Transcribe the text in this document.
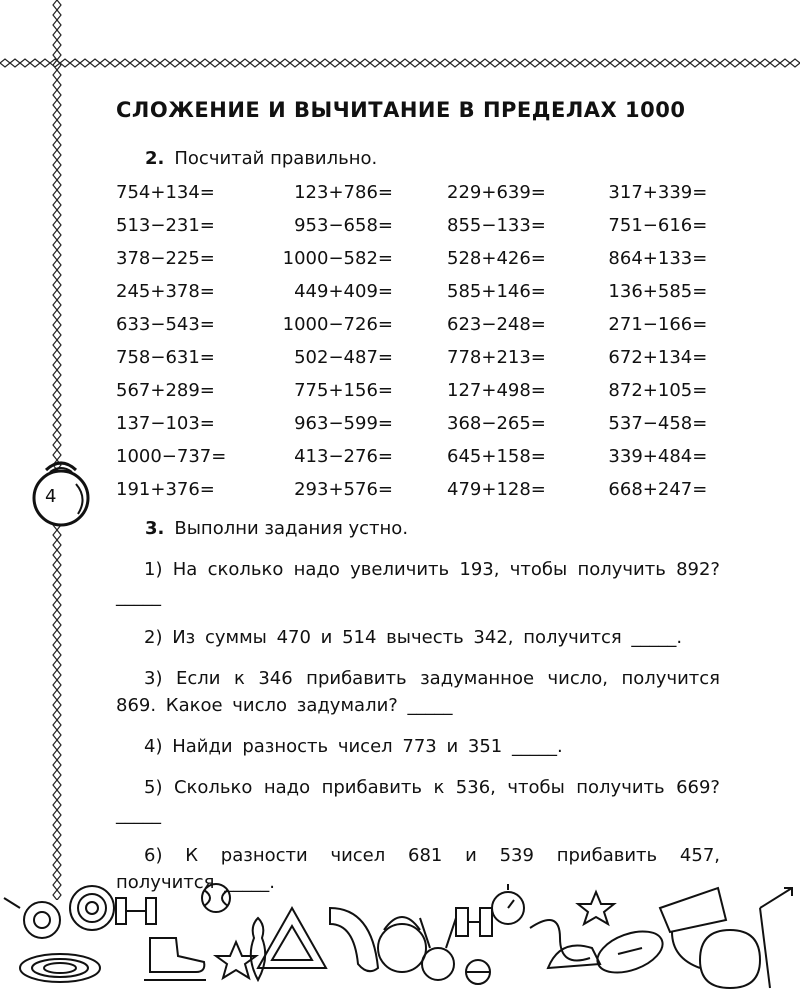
4
СЛОЖЕНИЕ И ВЫЧИТАНИЕ В ПРЕДЕЛАХ 1000
2. Посчитай правильно.
754+134=	123+786=	229+639=	317+339=
513−231=	953−658=	855−133=	751−616=
378−225=	1000−582=	528+426=	864+133=
245+378=	449+409=	585+146=	136+585=
633−543=	1000−726=	623−248=	271−166=
758−631=	502−487=	778+213=	672+134=
567+289=	775+156=	127+498=	872+105=
137−103=	963−599=	368−265=	537−458=
1000−737=	413−276=	645+158=	339+484=
191+376=	293+576=	479+128=	668+247=
3. Выполни задания устно.

1) На сколько надо увеличить 193, чтобы получить 892? _____

2) Из суммы 470 и 514 вычесть 342, получится _____.

3) Если к 346 прибавить задуманное число, получится 869. Какое число задумали? _____

4) Найди разность чисел 773 и 351 _____.

5) Сколько надо прибавить к 536, чтобы получить 669? _____

6) К разности чисел 681 и 539 прибавить 457, получится _____.
